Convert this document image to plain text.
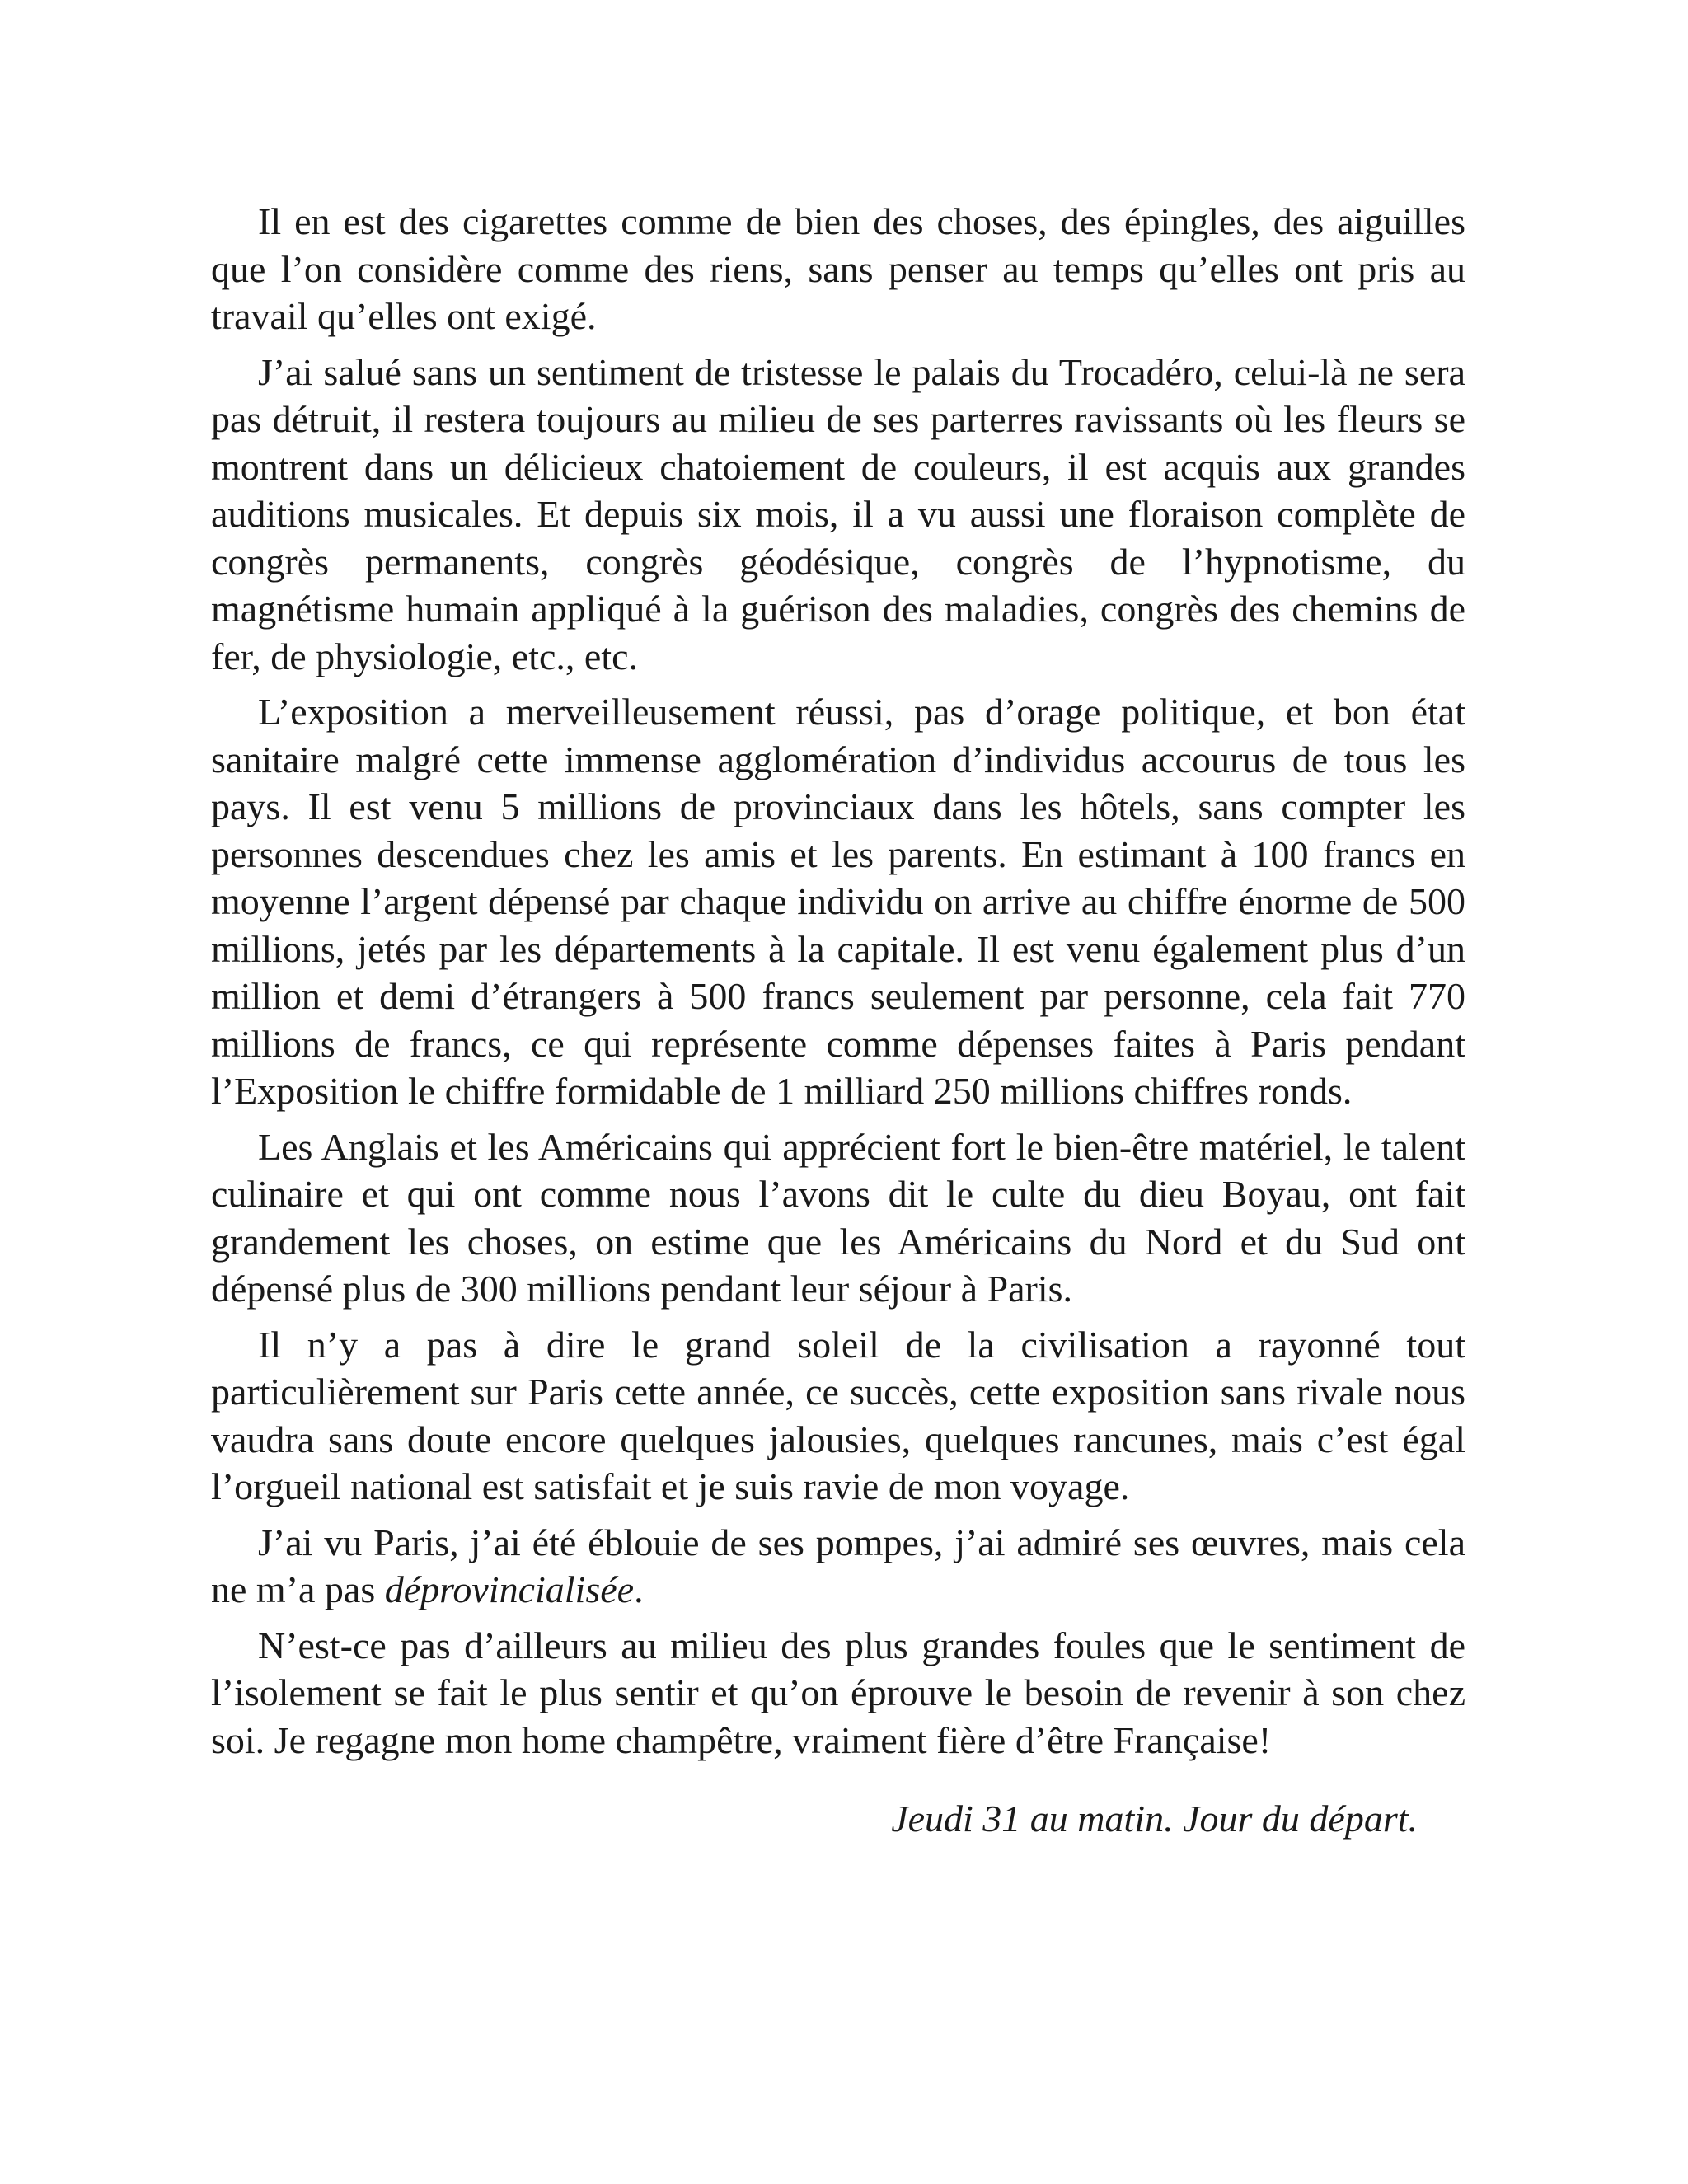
Il en est des cigarettes comme de bien des choses, des épingles, des aiguilles que l’on considère comme des riens, sans penser au temps qu’elles ont pris au travail qu’elles ont exigé.

J’ai salué sans un sentiment de tristesse le palais du Trocadéro, celui-là ne sera pas détruit, il restera toujours au milieu de ses parterres ravissants où les fleurs se montrent dans un délicieux chatoiement de couleurs, il est acquis aux grandes auditions musicales. Et depuis six mois, il a vu aussi une floraison complète de congrès permanents, congrès géodésique, congrès de l’hypnotisme, du magnétisme humain appliqué à la guérison des maladies, congrès des chemins de fer, de physiologie, etc., etc.

L’exposition a merveilleusement réussi, pas d’orage politique, et bon état sanitaire malgré cette immense agglomération d’individus accourus de tous les pays. Il est venu 5 millions de provinciaux dans les hôtels, sans compter les personnes descendues chez les amis et les parents. En estimant à 100 francs en moyenne l’argent dépensé par chaque individu on arrive au chiffre énorme de 500 millions, jetés par les départements à la capitale. Il est venu également plus d’un million et demi d’étrangers à 500 francs seulement par personne, cela fait 770 millions de francs, ce qui représente comme dépenses faites à Paris pendant l’Exposition le chiffre formidable de 1 milliard 250 millions chiffres ronds.

Les Anglais et les Américains qui apprécient fort le bien-être matériel, le talent culinaire et qui ont comme nous l’avons dit le culte du dieu Boyau, ont fait grandement les choses, on estime que les Américains du Nord et du Sud ont dépensé plus de 300 millions pendant leur séjour à Paris.

Il n’y a pas à dire le grand soleil de la civilisation a rayonné tout particulièrement sur Paris cette année, ce succès, cette exposition sans rivale nous vaudra sans doute encore quelques jalousies, quelques rancunes, mais c’est égal l’orgueil national est satisfait et je suis ravie de mon voyage.

J’ai vu Paris, j’ai été éblouie de ses pompes, j’ai admiré ses œuvres, mais cela ne m’a pas déprovincialisée.

N’est-ce pas d’ailleurs au milieu des plus grandes foules que le sentiment de l’isolement se fait le plus sentir et qu’on éprouve le besoin de revenir à son chez soi. Je regagne mon home champêtre, vraiment fière d’être Française!

Jeudi 31 au matin. Jour du départ.
